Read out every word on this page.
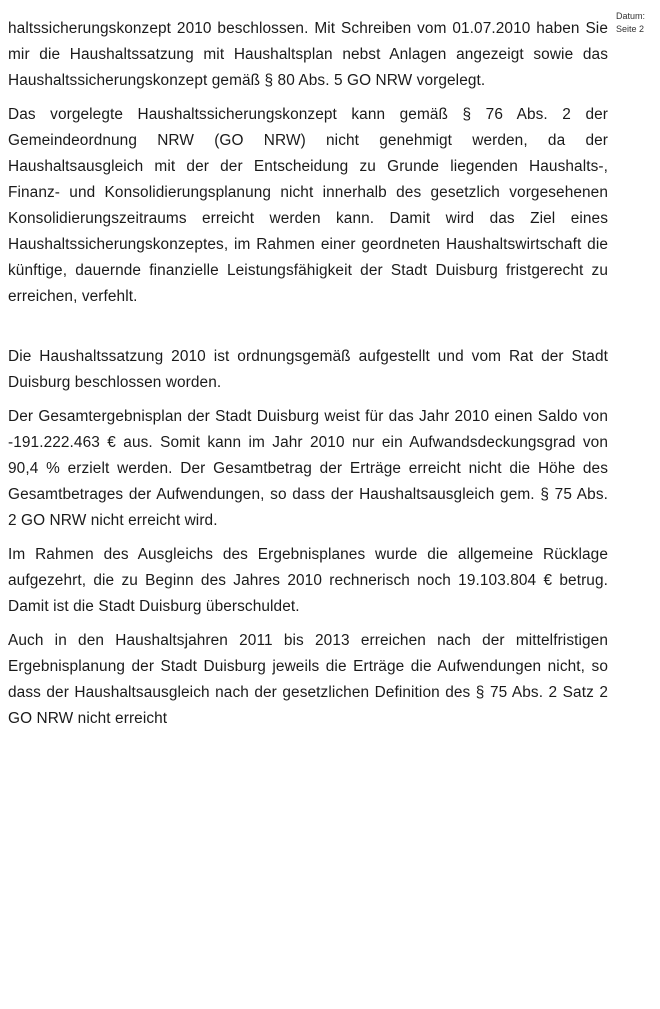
Datum:
Seite 2

haltssicherungskonzept 2010 beschlossen. Mit Schreiben vom 01.07.2010 haben Sie mir die Haushaltssatzung mit Haushaltsplan nebst Anlagen angezeigt sowie das Haushaltssicherungskonzept gemäß § 80 Abs. 5 GO NRW vorgelegt.

Das vorgelegte Haushaltssicherungskonzept kann gemäß § 76 Abs. 2 der Gemeindeordnung NRW (GO NRW) nicht genehmigt werden, da der Haushaltsausgleich mit der der Entscheidung zu Grunde liegenden Haushalts-, Finanz- und Konsolidierungsplanung nicht innerhalb des gesetzlich vorgesehenen Konsolidierungszeitraums erreicht werden kann. Damit wird das Ziel eines Haushaltssicherungskonzeptes, im Rahmen einer geordneten Haushaltswirtschaft die künftige, dauernde finanzielle Leistungsfähigkeit der Stadt Duisburg fristgerecht zu erreichen, verfehlt.

Die Haushaltssatzung 2010 ist ordnungsgemäß aufgestellt und vom Rat der Stadt Duisburg beschlossen worden.

Der Gesamtergebnisplan der Stadt Duisburg weist für das Jahr 2010 einen Saldo von -191.222.463 € aus. Somit kann im Jahr 2010 nur ein Aufwandsdeckungsgrad von 90,4 % erzielt werden. Der Gesamtbetrag der Erträge erreicht nicht die Höhe des Gesamtbetrages der Aufwendungen, so dass der Haushaltsausgleich gem. § 75 Abs. 2 GO NRW nicht erreicht wird.

Im Rahmen des Ausgleichs des Ergebnisplanes wurde die allgemeine Rücklage aufgezehrt, die zu Beginn des Jahres 2010 rechnerisch noch 19.103.804 € betrug. Damit ist die Stadt Duisburg überschuldet.

Auch in den Haushaltsjahren 2011 bis 2013 erreichen nach der mittelfristigen Ergebnisplanung der Stadt Duisburg jeweils die Erträge die Aufwendungen nicht, so dass der Haushaltsausgleich nach der gesetzlichen Definition des § 75 Abs. 2 Satz 2 GO NRW nicht erreicht
